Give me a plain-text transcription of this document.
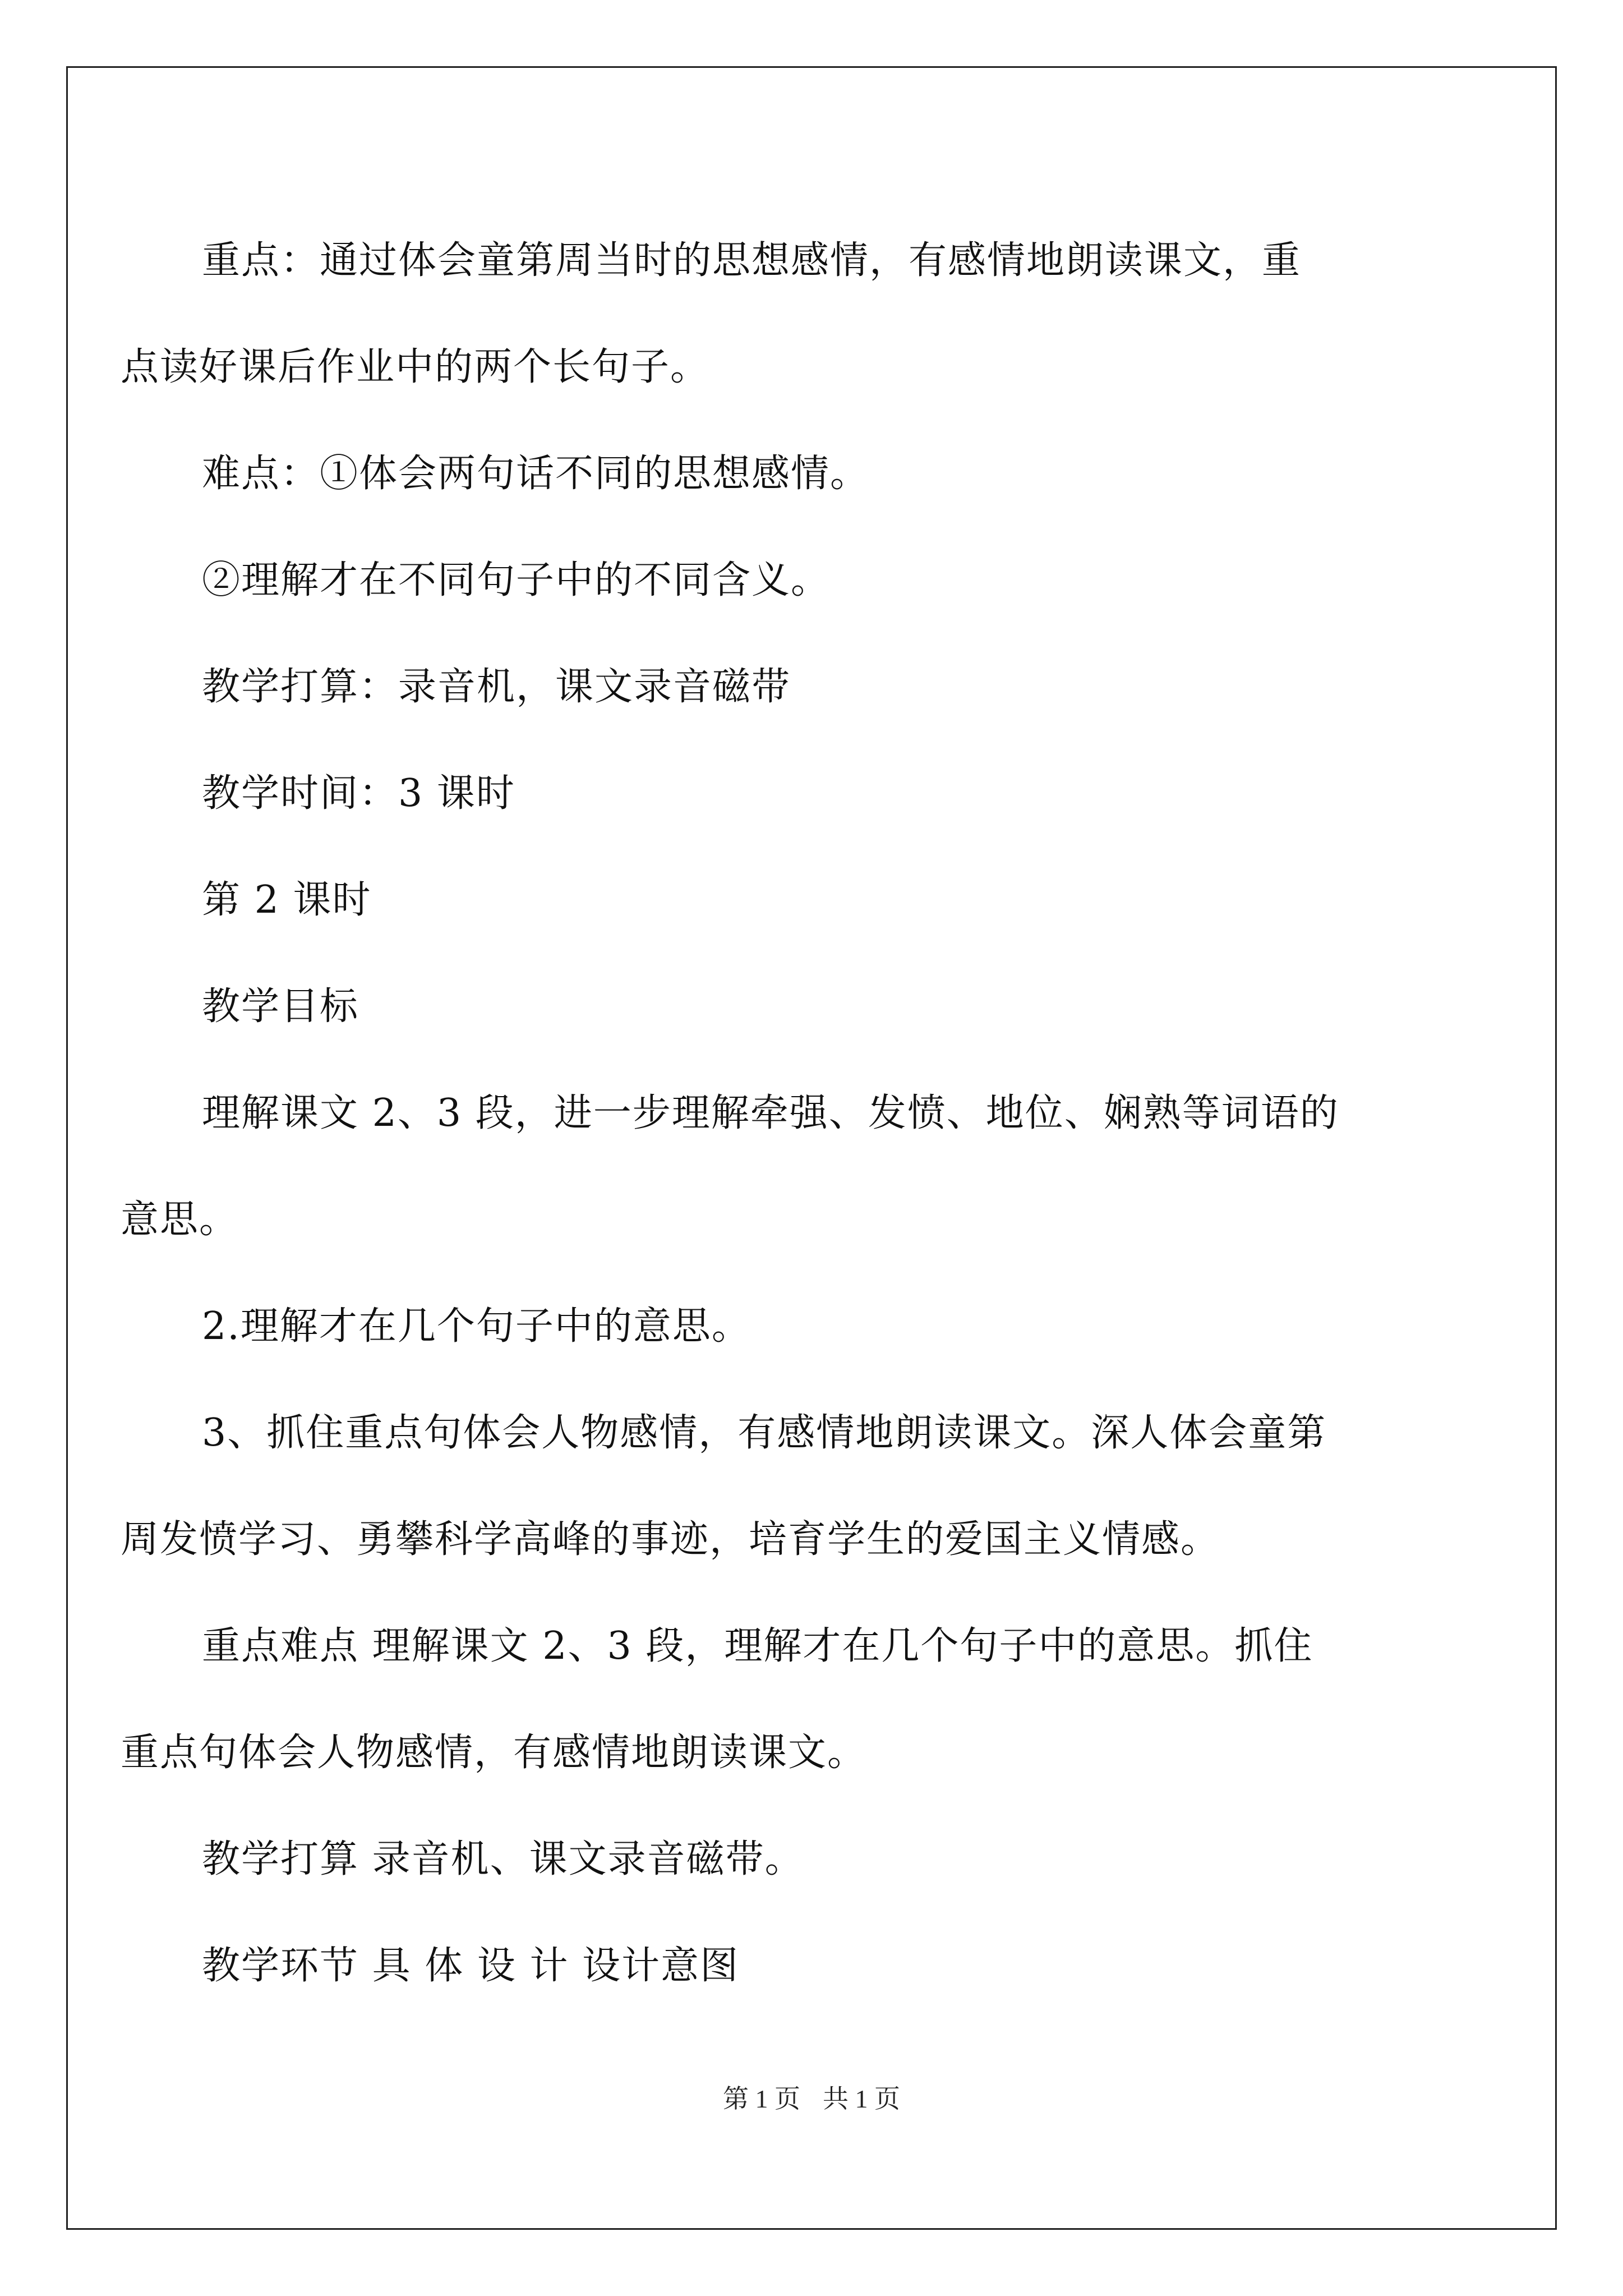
重点：通过体会童第周当时的思想感情，有感情地朗读课文，重
点读好课后作业中的两个长句子。

难点：①体会两句话不同的思想感情。

②理解才在不同句子中的不同含义。

教学打算：录音机，课文录音磁带

教学时间：3 课时

第 2 课时

教学目标

理解课文 2、3 段，进一步理解牵强、发愤、地位、娴熟等词语的
意思。

2.理解才在几个句子中的意思。

3、抓住重点句体会人物感情，有感情地朗读课文。深人体会童第
周发愤学习、勇攀科学高峰的事迹，培育学生的爱国主义情感。

重点难点 理解课文 2、3 段，理解才在几个句子中的意思。抓住
重点句体会人物感情，有感情地朗读课文。

教学打算 录音机、课文录音磁带。

教学环节 具 体 设 计 设计意图

第 1 页 共 1 页
